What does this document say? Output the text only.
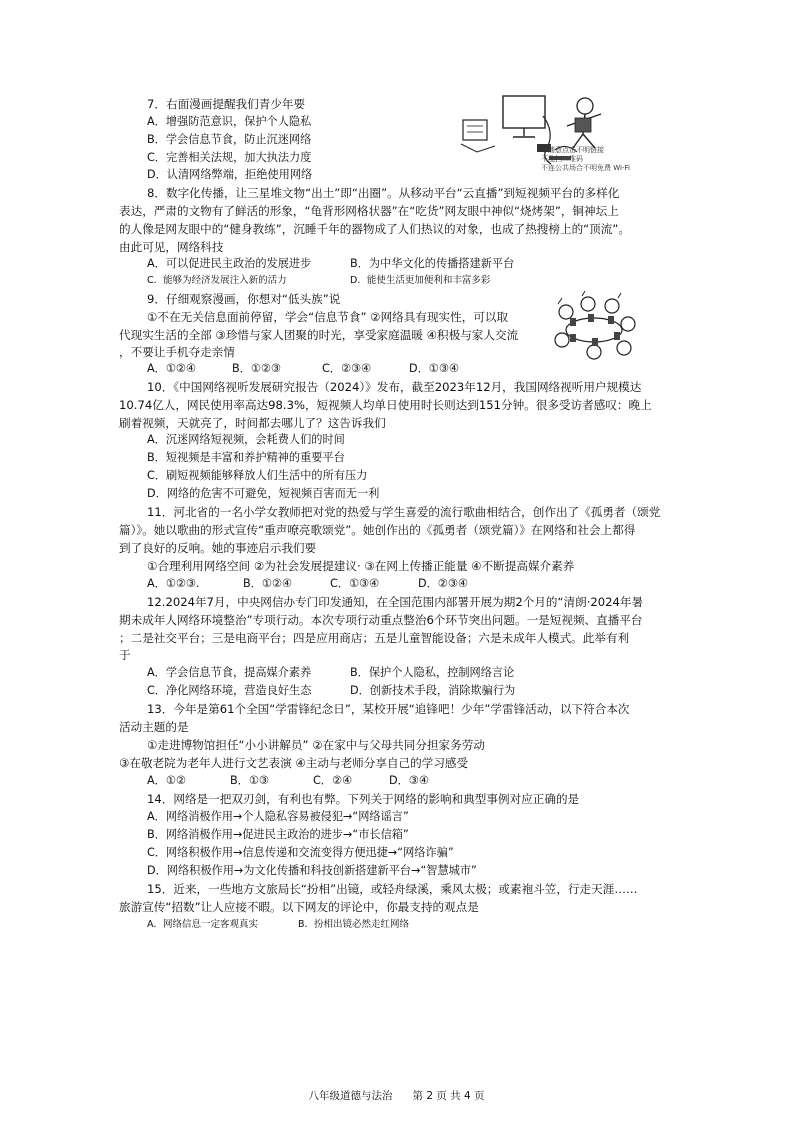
7．右面漫画提醒我们青少年要
A．增强防范意识，保护个人隐私
B．学会信息节食，防止沉迷网络
C．完善相关法规，加大执法力度
D．认清网络弊端，拒绝使用网络
不随意点击不明链接
不乱扫二维码
不连公共场合不明免费 Wi-Fi
8．数字化传播，让三星堆文物“出土”即“出圈”。从移动平台“云直播”到短视频平台的多样化
表达，严肃的文物有了鲜活的形象，“龟背形网格状器”在“吃货”网友眼中神似“烧烤架”，铜神坛上
的人像是网友眼中的“健身教练”，沉睡千年的器物成了人们热议的对象，也成了热搜榜上的“顶流”。
由此可见，网络科技
A．可以促进民主政治的发展进步	B．为中华文化的传播搭建新平台
C．能够为经济发展注入新的活力	D．能使生活更加便利和丰富多彩
9．仔细观察漫画，你想对“低头族”说
①不在无关信息面前停留，学会“信息节食” ②网络具有现实性，可以取
代现实生活的全部 ③珍惜与家人团聚的时光，享受家庭温暖 ④积极与家人交流
，不要让手机夺走亲情
A．①②④	B．①②③	C．②③④	D．①③④
10．《中国网络视听发展研究报告（2024）》发布，截至2023年12月，我国网络视听用户规模达
10.74亿人，网民使用率高达98.3%，短视频人均单日使用时长则达到151分钟。很多受访者感叹：晚上
刷着视频，天就亮了，时间都去哪儿了？这告诉我们
A．沉迷网络短视频，会耗费人们的时间
B．短视频是丰富和养护精神的重要平台
C．刷短视频能够释放人们生活中的所有压力
D．网络的危害不可避免，短视频百害而无一利
11．河北省的一名小学女教师把对党的热爱与学生喜爱的流行歌曲相结合，创作出了《孤勇者（颂党
篇）》。她以歌曲的形式宣传“重声嘹亮歌颂党”。她创作出的《孤勇者（颂党篇）》在网络和社会上都得
到了良好的反响。她的事迹启示我们要
①合理利用网络空间 ②为社会发展提建议· ③在网上传播正能量 ④不断提高媒介素养
A．①②③.	B．①②④	C．①③④	D．②③④
12.2024年7月，中央网信办专门印发通知，在全国范围内部署开展为期2个月的“清朗·2024年暑
期未成年人网络环境整治”专项行动。本次专项行动重点整治6个环节突出问题。一是短视频、直播平台
；二是社交平台；三是电商平台；四是应用商店；五是儿童智能设备；六是未成年人模式。此举有利
于
A．学会信息节食，提高媒介素养	B．保护个人隐私，控制网络言论
C．净化网络环境，营造良好生态	D．创新技术手段，消除欺骗行为
13．今年是第61个全国“学雷锋纪念日”，某校开展“追锋吧！少年”学雷锋活动，以下符合本次
活动主题的是
①走进博物馆担任“小小讲解员” ②在家中与父母共同分担家务劳动
③在敬老院为老年人进行文艺表演 ④主动与老师分享自己的学习感受
A．①②	B．①③	C．②④	D．③④
14．网络是一把双刃剑，有利也有弊。下列关于网络的影响和典型事例对应正确的是
A．网络消极作用→个人隐私容易被侵犯→“网络谣言”
B．网络消极作用→促进民主政治的进步→“市长信箱”
C．网络积极作用→信息传递和交流变得方便迅捷→“网络诈骗”
D．网络积极作用→为文化传播和科技创新搭建新平台→“智慧城市”
15．近来，一些地方文旅局长“扮相”出镜，或轻舟绿溪，乘风太极；或素袍斗笠，行走天涯……
旅游宣传“招数”让人应接不暇。以下网友的评论中，你最支持的观点是
A．网络信息一定客观真实	B．扮相出镜必然走红网络
八年级道德与法治 第 2 页 共 4 页
